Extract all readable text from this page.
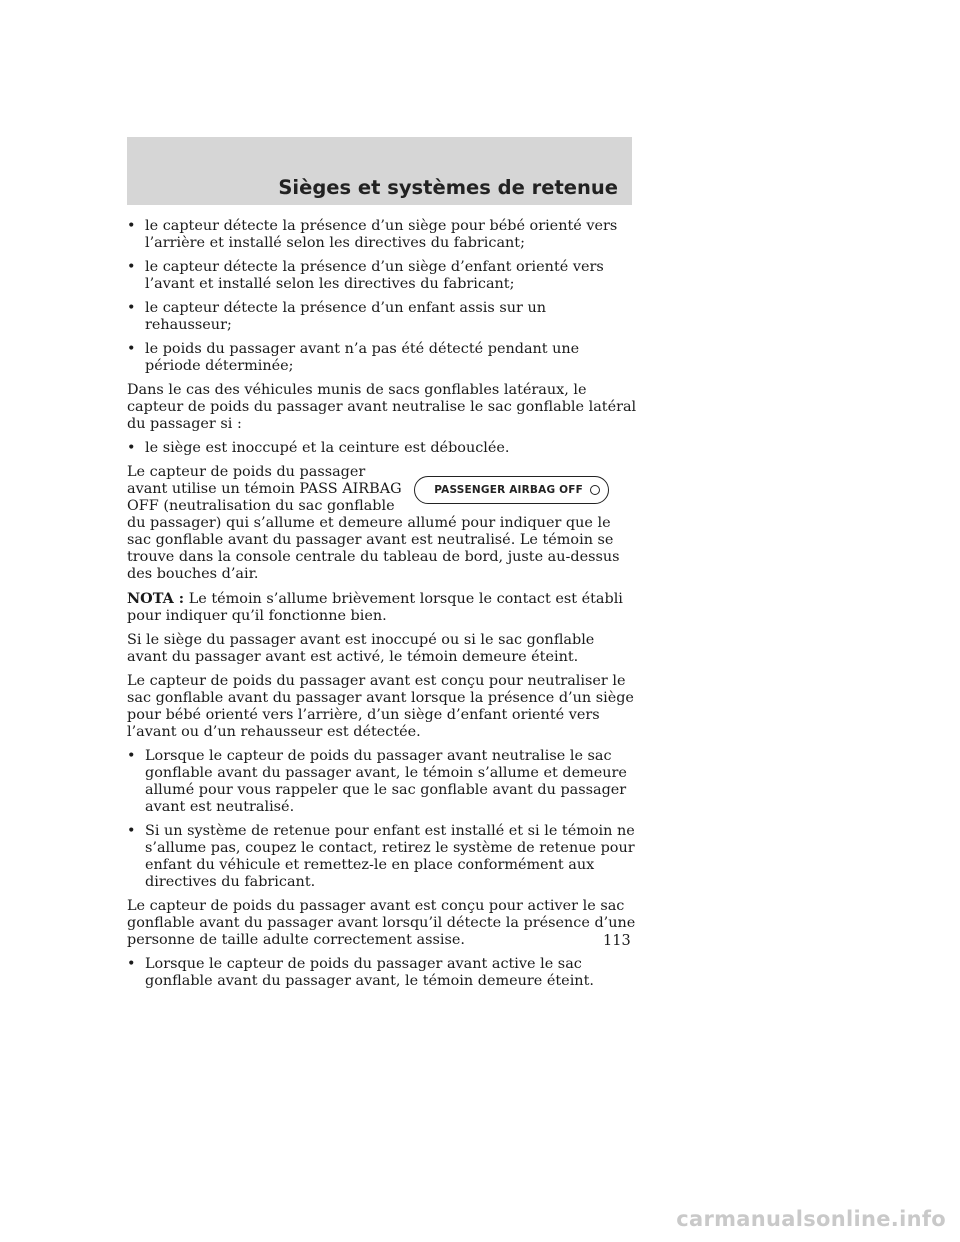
Sièges et systèmes de retenue
• le capteur détecte la présence d’un siège pour bébé orienté vers l’arrière et installé selon les directives du fabricant;
• le capteur détecte la présence d’un siège d’enfant orienté vers l’avant et installé selon les directives du fabricant;
• le capteur détecte la présence d’un enfant assis sur un rehausseur;
• le poids du passager avant n’a pas été détecté pendant une période déterminée;

Dans le cas des véhicules munis de sacs gonflables latéraux, le capteur de poids du passager avant neutralise le sac gonflable latéral du passager si :

• le siège est inoccupé et la ceinture est débouclée.
PASSENGER AIRBAG OFF

Le capteur de poids du passager avant utilise un témoin PASS AIRBAG OFF (neutralisation du sac gonflable du passager) qui s’allume et demeure allumé pour indiquer que le sac gonflable avant du passager avant est neutralisé. Le témoin se trouve dans la console centrale du tableau de bord, juste au-dessus des bouches d’air.

NOTA : Le témoin s’allume brièvement lorsque le contact est établi pour indiquer qu’il fonctionne bien.

Si le siège du passager avant est inoccupé ou si le sac gonflable avant du passager avant est activé, le témoin demeure éteint.

Le capteur de poids du passager avant est conçu pour neutraliser le sac gonflable avant du passager avant lorsque la présence d’un siège pour bébé orienté vers l’arrière, d’un siège d’enfant orienté vers l’avant ou d’un rehausseur est détectée.

• Lorsque le capteur de poids du passager avant neutralise le sac gonflable avant du passager avant, le témoin s’allume et demeure allumé pour vous rappeler que le sac gonflable avant du passager avant est neutralisé.
• Si un système de retenue pour enfant est installé et si le témoin ne s’allume pas, coupez le contact, retirez le système de retenue pour enfant du véhicule et remettez-le en place conformément aux directives du fabricant.

Le capteur de poids du passager avant est conçu pour activer le sac gonflable avant du passager avant lorsqu’il détecte la présence d’une personne de taille adulte correctement assise.

• Lorsque le capteur de poids du passager avant active le sac gonflable avant du passager avant, le témoin demeure éteint.
113
carmanualsonline.info
